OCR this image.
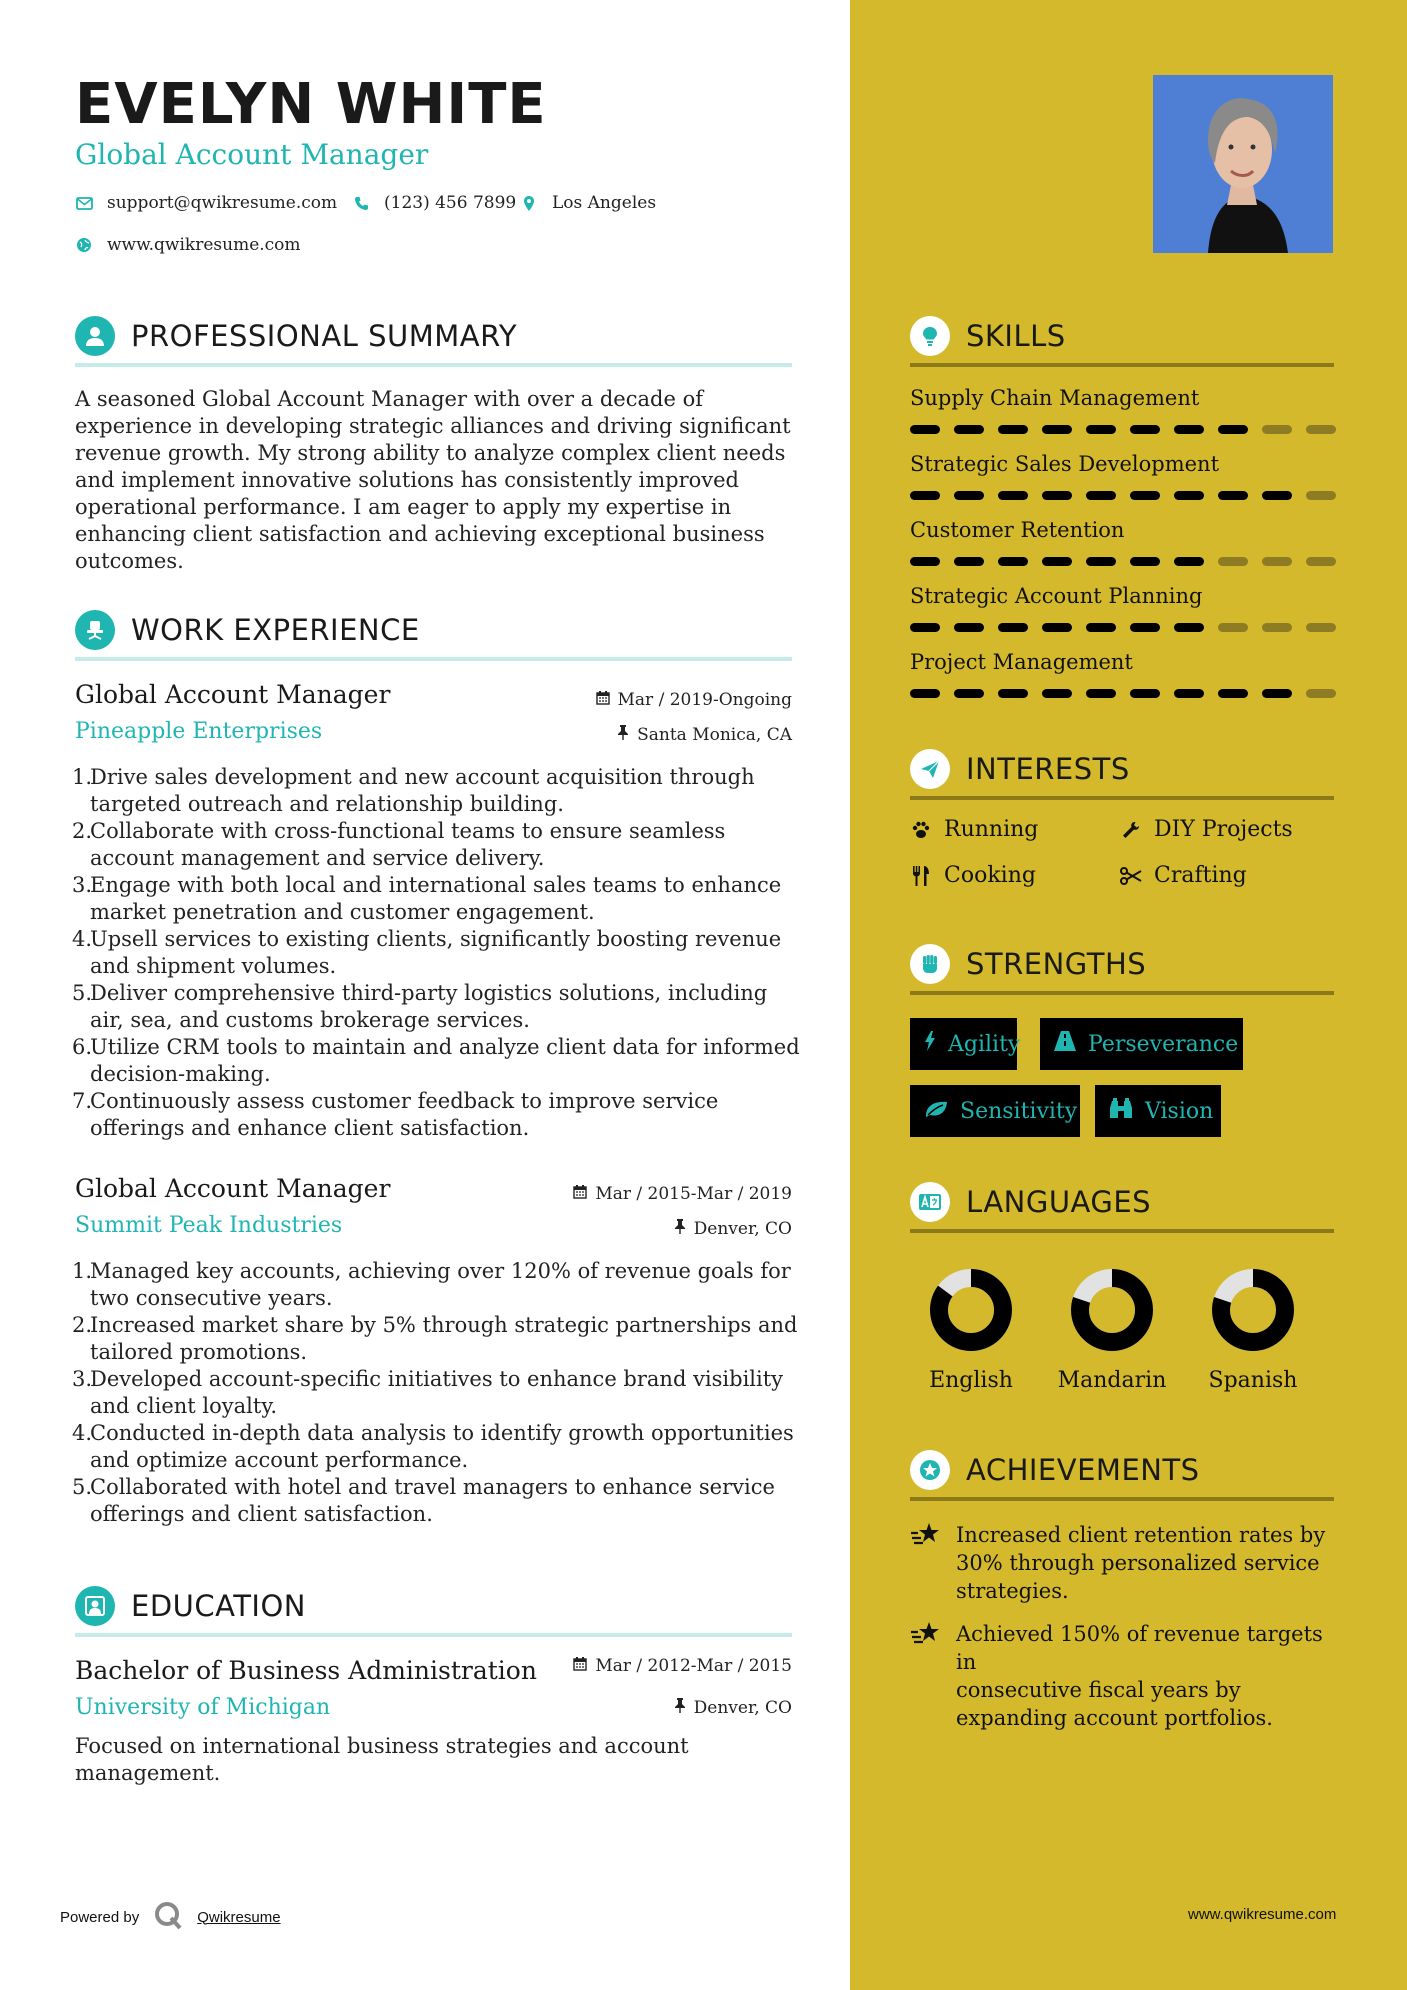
EVELYN WHITE
Global Account Manager
support@qwikresume.com	(123) 456 7899 Los Angeles
www.qwikresume.com
PROFESSIONAL SUMMARY
A seasoned Global Account Manager with over a decade of
experience in developing strategic alliances and driving significant
revenue growth. My strong ability to analyze complex client needs
and implement innovative solutions has consistently improved
operational performance. I am eager to apply my expertise in
enhancing client satisfaction and achieving exceptional business
outcomes.
WORK EXPERIENCE
Global Account Manager
Pineapple Enterprises
Mar / 2019-Ongoing
Santa Monica, CA
1.
Drive sales development and new account acquisition through
targeted outreach and relationship building.
2.
Collaborate with cross-functional teams to ensure seamless
account management and service delivery.
3.
Engage with both local and international sales teams to enhance
market penetration and customer engagement.
4.
Upsell services to existing clients, significantly boosting revenue
and shipment volumes.
5.
Deliver comprehensive third-party logistics solutions, including
air, sea, and customs brokerage services.
6.
Utilize CRM tools to maintain and analyze client data for informed
decision-making.
7.
Continuously assess customer feedback to improve service
offerings and enhance client satisfaction.
Global Account Manager
Summit Peak Industries
Mar / 2015-Mar / 2019
Denver, CO
1.
Managed key accounts, achieving over 120% of revenue goals for
two consecutive years.
2.
Increased market share by 5% through strategic partnerships and
tailored promotions.
3.
Developed account-specific initiatives to enhance brand visibility
and client loyalty.
4.
Conducted in-depth data analysis to identify growth opportunities
and optimize account performance.
5.
Collaborated with hotel and travel managers to enhance service
offerings and client satisfaction.
EDUCATION
Bachelor of Business Administration
University of Michigan
Mar / 2012-Mar / 2015
Denver, CO
Focused on international business strategies and account
management.
Powered by	Qwikresume
SKILLS
Supply Chain Management
Strategic Sales Development
Customer Retention
Strategic Account Planning
Project Management
INTERESTS
Running	DIY Projects
Cooking	Crafting
STRENGTHS
Agility	Perseverance
Sensitivity	Vision
LANGUAGES
English	Mandarin	Spanish
ACHIEVEMENTS
Increased client retention rates by
30% through personalized service
strategies.
Achieved 150% of revenue targets in
consecutive fiscal years by
expanding account portfolios.
www.qwikresume.com
